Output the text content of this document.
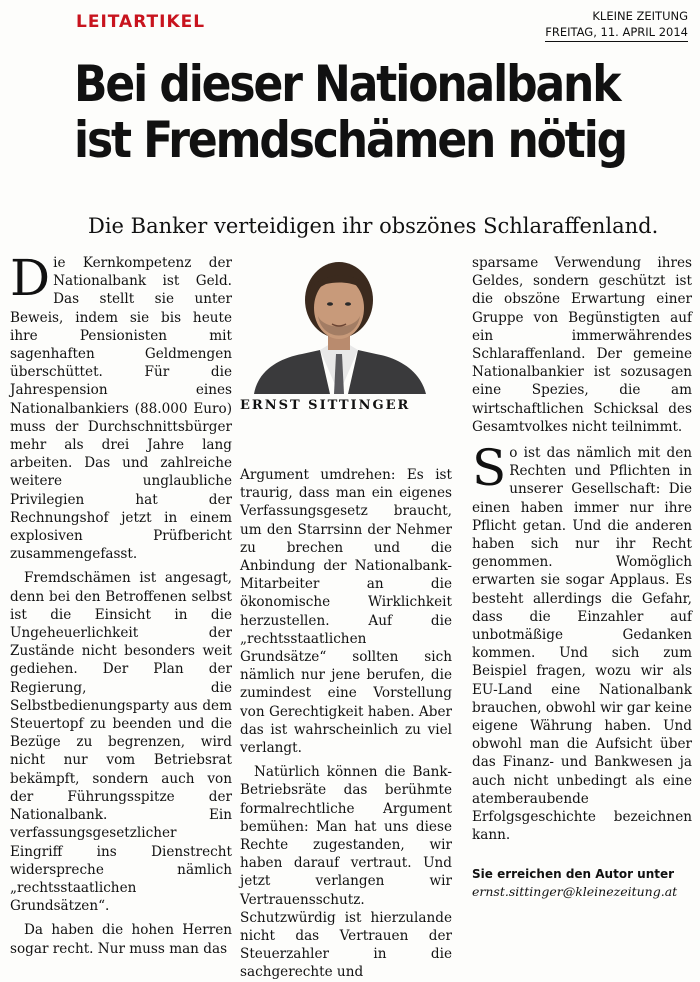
LEITARTIKEL	KLEINE ZEITUNG
FREITAG, 11. APRIL 2014
Bei dieser Nationalbank
ist Fremdschämen nötig
Die Banker verteidigen ihr obszönes Schlaraffenland.

Die Kernkompetenz der Nationalbank ist Geld. Das stellt sie unter Beweis, indem sie bis heute ihre Pensionisten mit sagenhaften Geldmengen überschüttet. Für die Jahrespension eines Nationalbankiers (88.000 Euro) muss der Durchschnittsbürger mehr als drei Jahre lang arbeiten. Das und zahlreiche weitere unglaubliche Privilegien hat der Rechnungshof jetzt in einem explosiven Prüfbericht zusammengefasst.

Fremdschämen ist angesagt, denn bei den Betroffenen selbst ist die Einsicht in die Ungeheuerlichkeit der Zustände nicht besonders weit gediehen. Der Plan der Regierung, die Selbstbedienungsparty aus dem Steuertopf zu beenden und die Bezüge zu begrenzen, wird nicht nur vom Betriebsrat bekämpft, sondern auch von der Führungsspitze der Nationalbank. Ein verfassungsgesetzlicher Eingriff ins Dienstrecht widerspreche nämlich „rechtsstaatlichen Grundsätzen“.

Da haben die hohen Herren sogar recht. Nur muss man das

ERNST SITTINGER

Argument umdrehen: Es ist traurig, dass man ein eigenes Verfassungsgesetz braucht, um den Starrsinn der Nehmer zu brechen und die Anbindung der Nationalbank-Mitarbeiter an die ökonomische Wirklichkeit herzustellen. Auf die „rechtsstaatlichen Grundsätze“ sollten sich nämlich nur jene berufen, die zumindest eine Vorstellung von Gerechtigkeit haben. Aber das ist wahrscheinlich zu viel verlangt.

Natürlich können die Bank-Betriebsräte das berühmte formalrechtliche Argument bemühen: Man hat uns diese Rechte zugestanden, wir haben darauf vertraut. Und jetzt verlangen wir Vertrauensschutz. Schutzwürdig ist hierzulande nicht das Vertrauen der Steuerzahler in die sachgerechte und

sparsame Verwendung ihres Geldes, sondern geschützt ist die obszöne Erwartung einer Gruppe von Begünstigten auf ein immerwährendes Schlaraffenland. Der gemeine Nationalbankier ist sozusagen eine Spezies, die am wirtschaftlichen Schicksal des Gesamtvolkes nicht teilnimmt.

So ist das nämlich mit den Rechten und Pflichten in unserer Gesellschaft: Die einen haben immer nur ihre Pflicht getan. Und die anderen haben sich nur ihr Recht genommen. Womöglich erwarten sie sogar Applaus. Es besteht allerdings die Gefahr, dass die Einzahler auf unbotmäßige Gedanken kommen. Und sich zum Beispiel fragen, wozu wir als EU-Land eine Nationalbank brauchen, obwohl wir gar keine eigene Währung haben. Und obwohl man die Aufsicht über das Finanz- und Bankwesen ja auch nicht unbedingt als eine atemberaubende Erfolgsgeschichte bezeichnen kann.

Sie erreichen den Autor unter
ernst.sittinger@kleinezeitung.at
